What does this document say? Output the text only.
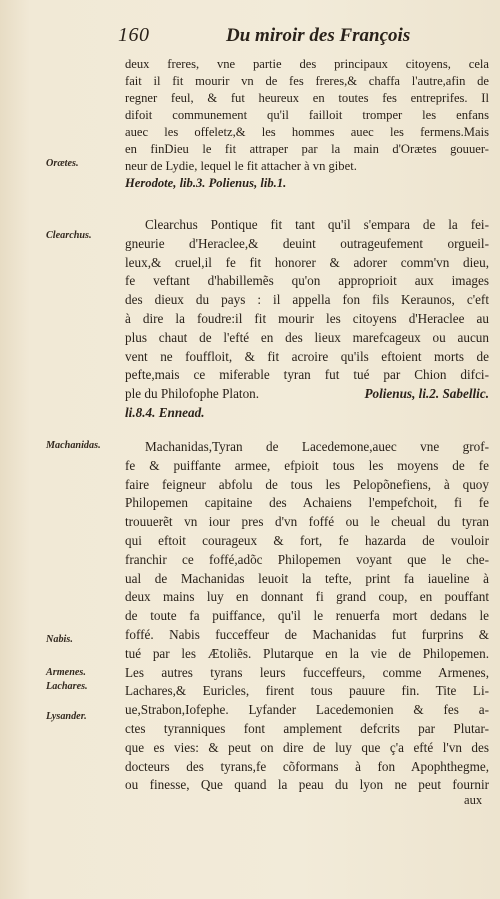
160	Du miroir des François
Orætes.
Clearchus.
Machanidas.
Nabis.
Armenes.
Lachares.
Lysander.
deux freres, vne partie des principaux citoyens, cela
fait il fit mourir vn de fes freres,& chaffa l'autre,afin de
regner feul, & fut heureux en toutes fes entreprifes. Il
difoit communement qu'il failloit tromper les enfans
auec les offeletz,& les hommes auec les fermens.Mais
en finDieu le fit attraper par la main d'Orætes gouuer-
neur de Lydie, lequel le fit attacher à vn gibet.
Herodote, lib.3. Polienus, lib.1.
Clearchus Pontique fit tant qu'il s'empara de la fei-
gneurie d'Heraclee,& deuint outrageufement orgueil-
leux,& cruel,il fe fit honorer & adorer comm'vn dieu,
fe veftant d'habillemẽs qu'on approprioit aux images
des dieux du pays : il appella fon fils Keraunos, c'eft
à dire la foudre:il fit mourir les citoyens d'Heraclee au
plus chaut de l'efté en des lieux marefcageux ou aucun
vent ne fouffloit, & fit acroire qu'ils eftoient morts de
pefte,mais ce miferable tyran fut tué par Chion difci-
ple du Philofophe Platon.	Polienus, li.2. Sabellic.
li.8.4. Ennead.
Machanidas,Tyran de Lacedemone,auec vne grof-
fe & puiffante armee, efpioit tous les moyens de fe
faire feigneur abfolu de tous les Pelopõnefiens, à quoy
Philopemen capitaine des Achaiens l'empefchoit, fi fe
trouuerẽt vn iour pres d'vn foffé ou le cheual du tyran
qui eftoit courageux & fort, fe hazarda de vouloir
franchir ce foffé,adõc Philopemen voyant que le che-
ual de Machanidas leuoit la tefte, print fa iaueline à
deux mains luy en donnant fi grand coup, en pouffant
de toute fa puiffance, qu'il le renuerfa mort dedans le
foffé. Nabis fucceffeur de Machanidas fut furprins &
tué par les Ætoliẽs. Plutarque en la vie de Philopemen.
Les autres tyrans leurs fucceffeurs, comme Armenes,
Lachares,& Euricles, firent tous pauure fin. Tite Li-
ue,Strabon,Iofephe. Lyfander Lacedemonien & fes a-
ctes tyranniques font amplement defcrits par Plutar-
que es vies: & peut on dire de luy que ç'a efté l'vn des
docteurs des tyrans,fe cõformans à fon Apophthegme,
ou finesse, Que quand la peau du lyon ne peut fournir
aux
